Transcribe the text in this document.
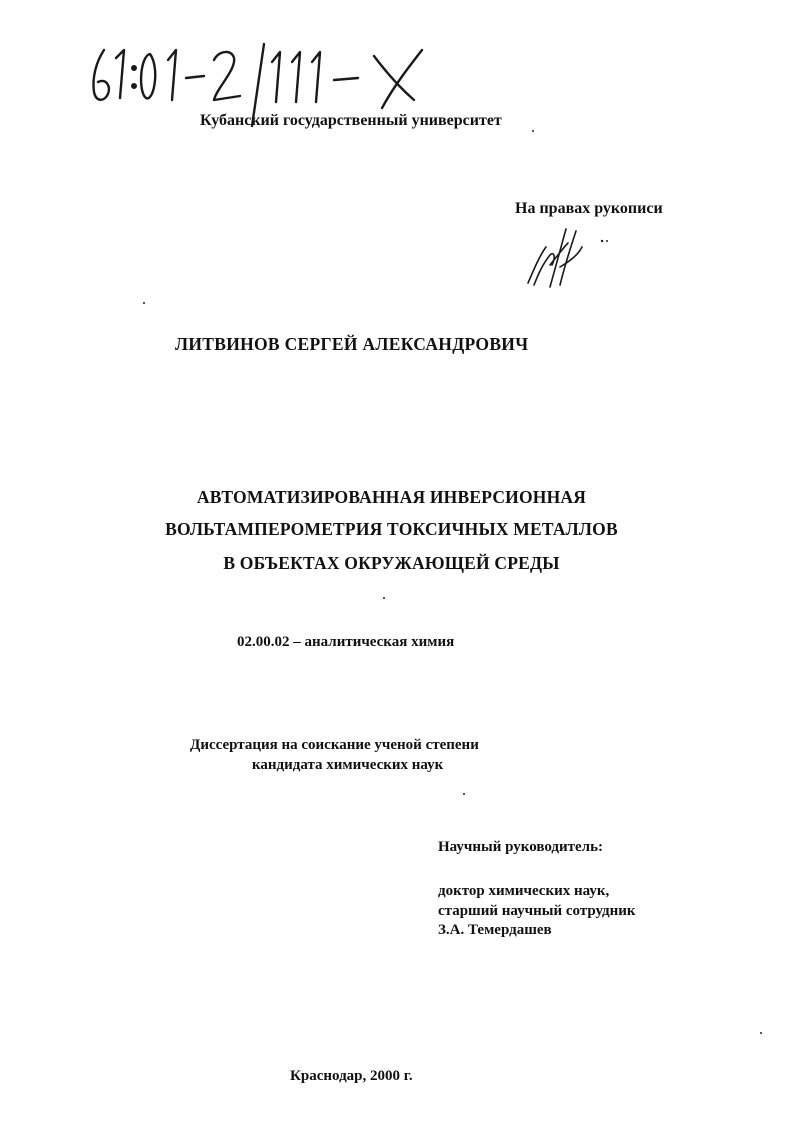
Кубанский государственный университет
На правах рукописи
ЛИТВИНОВ СЕРГЕЙ АЛЕКСАНДРОВИЧ
АВТОМАТИЗИРОВАННАЯ ИНВЕРСИОННАЯ
ВОЛЬТАМПЕРОМЕТРИЯ ТОКСИЧНЫХ МЕТАЛЛОВ
В ОБЪЕКТАХ ОКРУЖАЮЩЕЙ СРЕДЫ
02.00.02 – аналитическая химия
Диссертация на соискание ученой степени
кандидата химических наук
Научный руководитель:
доктор химических наук,
старший научный сотрудник
З.А. Темердашев
Краснодар, 2000 г.
